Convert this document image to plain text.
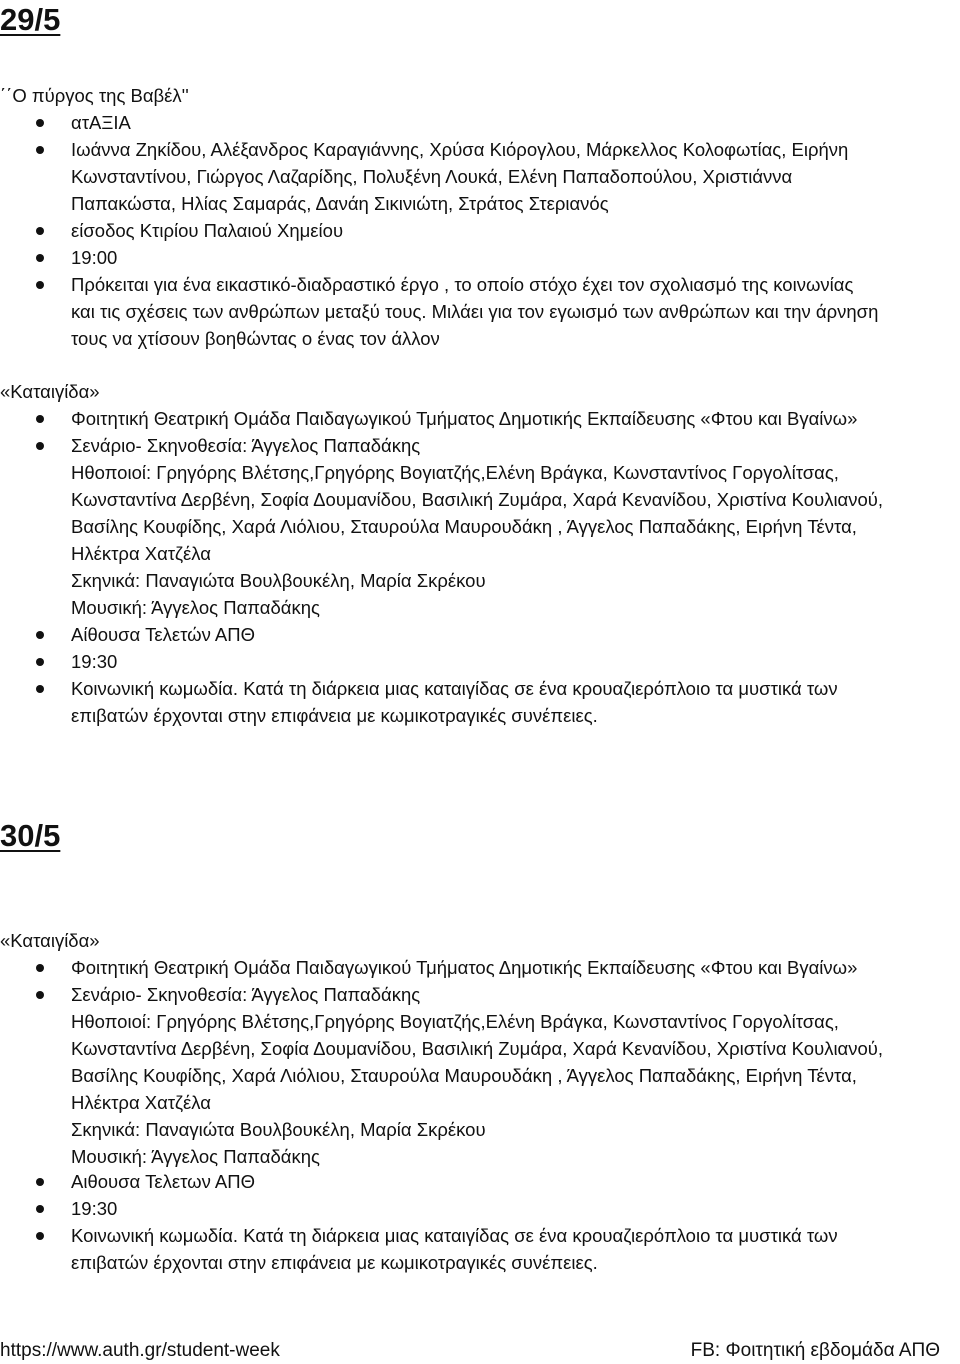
29/5
΄΄Ο πύργος της Βαβέλ''
ατΑΞΙΑ
Ιωάννα Ζηκίδου, Αλέξανδρος Καραγιάννης, Χρύσα Κιόρογλου, Μάρκελλος Κολοφωτίας, Ειρήνη
Κωνσταντίνου, Γιώργος Λαζαρίδης, Πολυξένη Λουκά, Ελένη Παπαδοπούλου, Χριστιάννα
Παπακώστα, Ηλίας Σαμαράς, Δανάη Σικινιώτη, Στράτος Στεριανός
είσοδος Κτιρίου Παλαιού Χημείου
19:00
Πρόκειται για ένα εικαστικό-διαδραστικό έργο , το οποίο στόχο έχει τον σχολιασμό της κοινωνίας
και τις σχέσεις των ανθρώπων μεταξύ τους. Μιλάει για τον εγωισμό των ανθρώπων και την άρνηση
τους να χτίσουν βοηθώντας ο ένας τον άλλον
«Καταιγίδα»
Φοιτητική Θεατρική Ομάδα Παιδαγωγικού Τμήματος Δημοτικής Εκπαίδευσης «Φτου και Βγαίνω»
Σενάριο- Σκηνοθεσία: Άγγελος Παπαδάκης
Ηθοποιοί: Γρηγόρης Βλέτσης,Γρηγόρης Βογιατζής,Ελένη Βράγκα, Κωνσταντίνος Γοργολίτσας,
Κωνσταντίνα Δερβένη, Σοφία Δουμανίδου, Βασιλική Ζυμάρα, Χαρά Κενανίδου, Χριστίνα Κουλιανού,
Βασίλης Κουφίδης, Χαρά Λιόλιου, Σταυρούλα Μαυρουδάκη , Άγγελος Παπαδάκης, Ειρήνη Τέντα,
Ηλέκτρα Χατζέλα
Σκηνικά: Παναγιώτα Βουλβουκέλη, Μαρία Σκρέκου
Μουσική: Άγγελος Παπαδάκης
Αίθουσα Τελετών ΑΠΘ
19:30
Κοινωνική κωμωδία. Κατά τη διάρκεια μιας καταιγίδας σε ένα κρουαζιερόπλοιο τα μυστικά των
επιβατών έρχονται στην επιφάνεια με κωμικοτραγικές συνέπειες.
30/5
«Καταιγίδα»
Φοιτητική Θεατρική Ομάδα Παιδαγωγικού Τμήματος Δημοτικής Εκπαίδευσης «Φτου και Βγαίνω»
Σενάριο- Σκηνοθεσία: Άγγελος Παπαδάκης
Ηθοποιοί: Γρηγόρης Βλέτσης,Γρηγόρης Βογιατζής,Ελένη Βράγκα, Κωνσταντίνος Γοργολίτσας,
Κωνσταντίνα Δερβένη, Σοφία Δουμανίδου, Βασιλική Ζυμάρα, Χαρά Κενανίδου, Χριστίνα Κουλιανού,
Βασίλης Κουφίδης, Χαρά Λιόλιου, Σταυρούλα Μαυρουδάκη , Άγγελος Παπαδάκης, Ειρήνη Τέντα,
Ηλέκτρα Χατζέλα
Σκηνικά: Παναγιώτα Βουλβουκέλη, Μαρία Σκρέκου
Μουσική: Άγγελος Παπαδάκης
Αιθουσα Τελετων ΑΠΘ
19:30
Κοινωνική κωμωδία. Κατά τη διάρκεια μιας καταιγίδας σε ένα κρουαζιερόπλοιο τα μυστικά των
επιβατών έρχονται στην επιφάνεια με κωμικοτραγικές συνέπειες.
https://www.auth.gr/student-week	FB: Φοιτητική εβδομάδα ΑΠΘ
